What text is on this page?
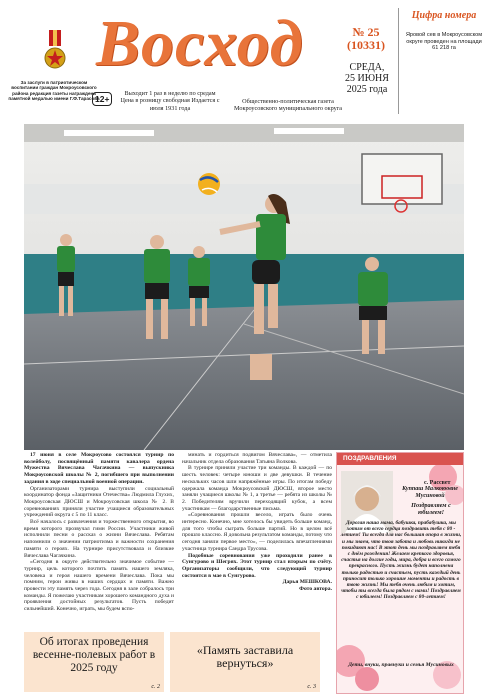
За заслуги в патриотическом воспитании граждан Мокроусовского района редакция газеты награждена памятной медалью имени Г.Ф.Тарасова
Восход
12+
Выходит 1 раз в неделю по средам Цена в розницу свободная Издается с июля 1931 года
Общественно-политическая газета Мокроусовского муниципального округа
№ 25
(10331)
СРЕДА,
25 ИЮНЯ
2025 года
Цифра номера
Яровой сев в Мокроусовском округе проведен на площади 61 218 га

17 июня в селе Мокроусово состоялся турнир по волейболу, посвящённый памяти кавалера ордена Мужества Вячеслава Чагачкина — выпускника Мокроусовской школы № 2, погибшего при выполнении задания в ходе специальной военной операции.

Организаторами турнира выступили социальный координатор фонда «Защитники Отечества» Людмила Глухих, Мокроусовская ДЮСШ и Мокроусовская школа № 2. В соревнованиях приняли участие учащиеся образовательных учреждений округа с 5 по 11 класс.

Всё началось с развлечения и торжественного открытия, во время которого прозвучал гимн России. Участники живой исполнили песни о рассказ о жизни Вячеслава. Ребятам напомнили о значении патриотизма и важности сохранения памяти о героях. На турнире присутствовала и близкие Вячеслава Чагачкина.

«Сегодня в округе действительно значимое событие — турнир, цель которого почтить память нашего земляка, человека и героя нашего времени Вячеслава. Пока мы помним, герои живы в наших сердцах и памяти. Важно провести эту память через года. Сегодня в зале собралось три команды. Я пожелаю участникам хорошего командного духа и проявления достойных результатов. Пусть победит сильнейший. Конечно, играть, мы будем вспо-

минать и гордиться подвигом Вячеслава», — отметила начальник отдела образования Татьяна Волкова.

В турнире приняли участие три команды. В каждой — по шесть человек: четыре юноши и две девушки. В течение нескольких часов шли напряжённые игры. По итогам победу одержала команда Мокроусовской ДЮСШ, второе место заняли учащиеся школы № 1, а третье — ребята из школы № 2. Победителям вручили переходящий кубок, а всем участникам — благодарственные письма.

«Соревнования прошли весело, играть было очень интересно. Конечно, мне хотелось бы увидеть больше команд, для того чтобы сыграть больше партий. Но в целом всё прошло классно. Я довольна результатом команды, потому что сегодня заняли первое место», — поделилась впечатлениями участница турнира Сандра Трусова.

Подобные соревнования уже проходили ранее в Сунгурово и Шегрях. Этот турнир стал вторым по счёту. Организаторы сообщили, что следующий турнир состоится в мае в Сунгурово.

Дарья МЕШКОВА.

Фото автора.

ПОЗДРАВЛЕНИЯ
с. Рассвет
Куппаш Малкоюовне Мусиновой
Поздравляем с юбилеем!
Дорогая наша мама, бабушка, прабабушка, мы хотим от всего сердца поздравить тебя с 80 - летием! Ты всегда для нас большая опора в жизни, и мы знаем, что твоя забота и любовь никогда не покидают нас! В этот день мы поздравляем тебя с днём рождения! Желаем крепкого здоровья, счастья на долгие годы, мира, добра и всего самого прекрасного. Пусть жизнь будет наполнена только радостью и счастьем, пусть каждый день приносит только хорошие моменты и радость в твою жизнь! Мы тебя очень любим и хотим, чтобы ты всегда была рядом с нами! Поздравляем с юбилеем! Поздравляем с 80-летием!
Дети, внуки, правнуки и семья Мусиновых
Об итогах проведения весенне-полевых работ в 2025 году
с. 2
«Память заставила вернуться»
с. 3
